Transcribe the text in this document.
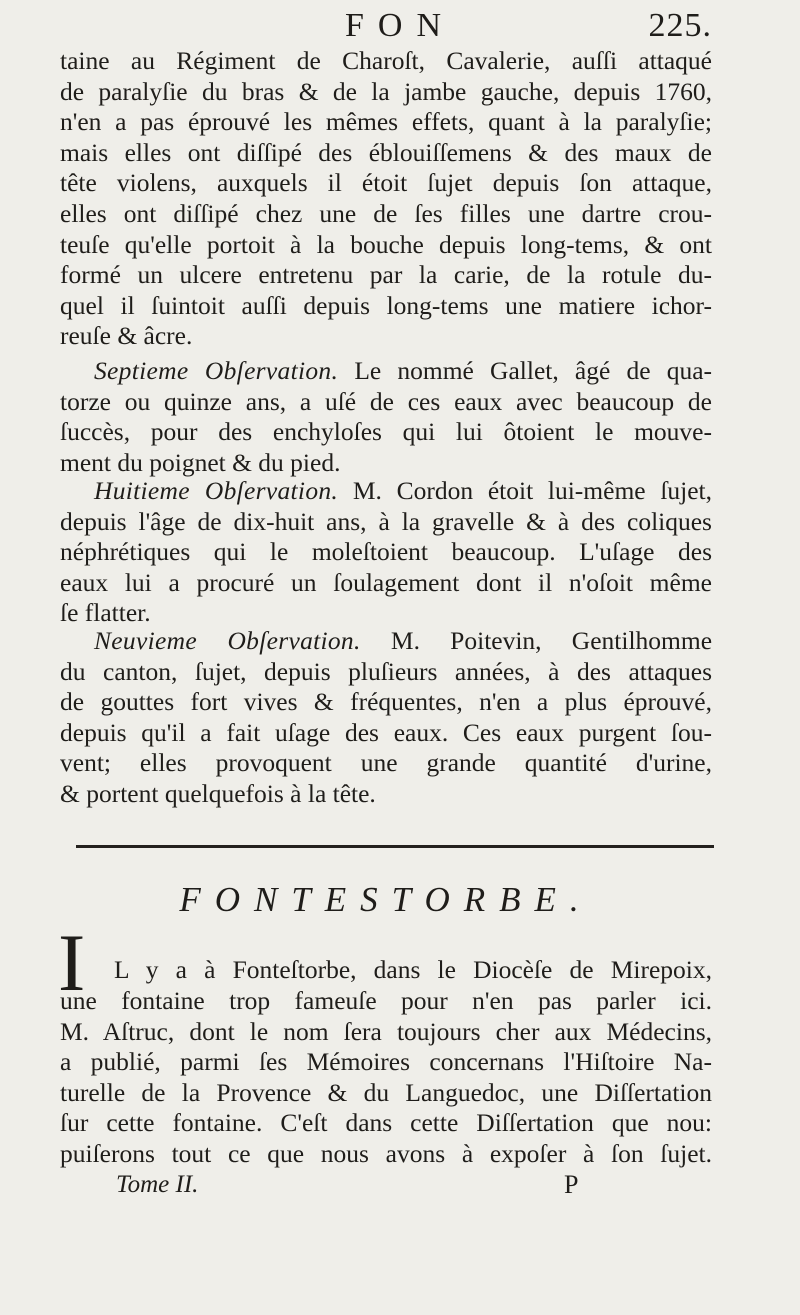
FON	225.
taine au Régiment de Charoſt, Cavalerie, auſſi attaqué
de paralyſie du bras & de la jambe gauche, depuis 1760,
n'en a pas éprouvé les mêmes effets, quant à la paralyſie;
mais elles ont diſſipé des éblouiſſemens & des maux de
tête violens, auxquels il étoit ſujet depuis ſon attaque,
elles ont diſſipé chez une de ſes filles une dartre crou-
teuſe qu'elle portoit à la bouche depuis long-tems, & ont
formé un ulcere entretenu par la carie, de la rotule du-
quel il ſuintoit auſſi depuis long-tems une matiere ichor-
reuſe & âcre.
Septieme Obſervation. Le nommé Gallet, âgé de qua-
torze ou quinze ans, a uſé de ces eaux avec beaucoup de
ſuccès, pour des enchyloſes qui lui ôtoient le mouve-
ment du poignet & du pied.
Huitieme Obſervation. M. Cordon étoit lui-même ſujet,
depuis l'âge de dix-huit ans, à la gravelle & à des coliques
néphrétiques qui le moleſtoient beaucoup. L'uſage des
eaux lui a procuré un ſoulagement dont il n'oſoit même
ſe flatter.
Neuvieme Obſervation. M. Poitevin, Gentilhomme
du canton, ſujet, depuis pluſieurs années, à des attaques
de gouttes fort vives & fréquentes, n'en a plus éprouvé,
depuis qu'il a fait uſage des eaux. Ces eaux purgent ſou-
vent; elles provoquent une grande quantité d'urine,
& portent quelquefois à la tête.
FONTESTORBE.
I L y a à Fonteſtorbe, dans le Diocèſe de Mirepoix,
une fontaine trop fameuſe pour n'en pas parler ici.
M. Aſtruc, dont le nom ſera toujours cher aux Médecins,
a publié, parmi ſes Mémoires concernans l'Hiſtoire Na-
turelle de la Provence & du Languedoc, une Diſſertation
ſur cette fontaine. C'eſt dans cette Diſſertation que nou:
puiſerons tout ce que nous avons à expoſer à ſon ſujet.
Tome II.	P
